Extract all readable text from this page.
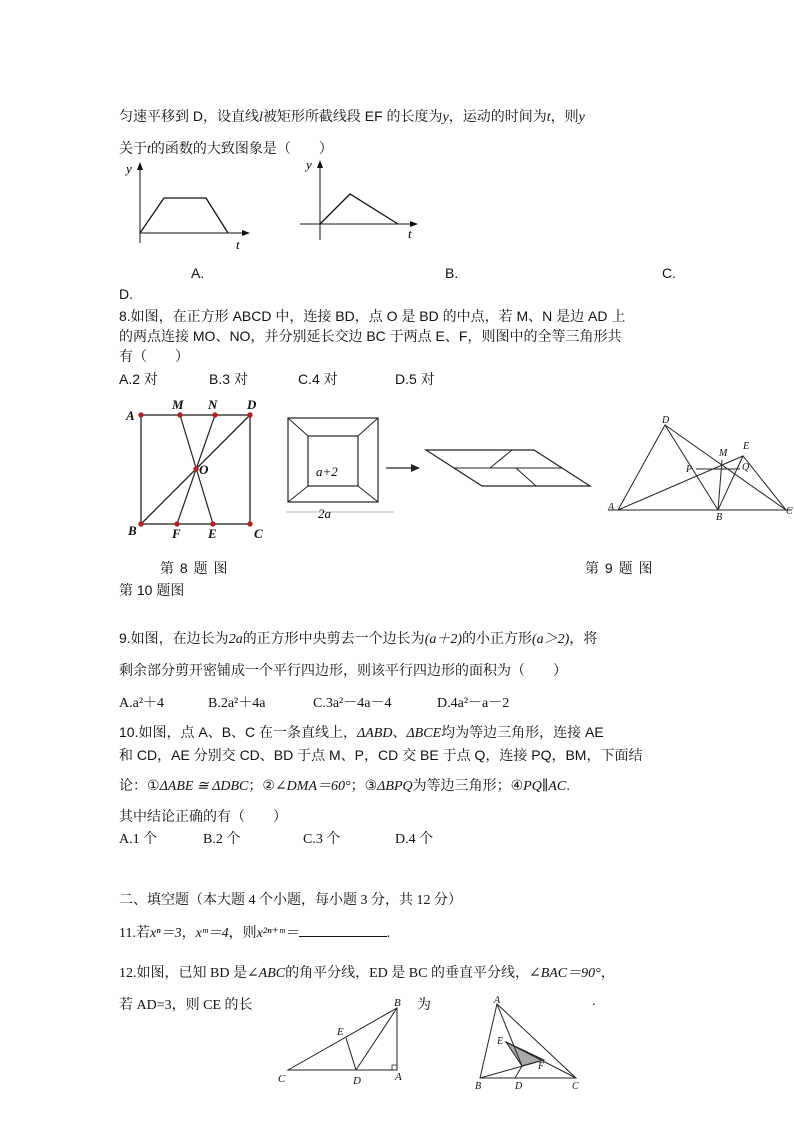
匀速平移到 D，设直线l被矩形所截线段 EF 的长度为y，运动的时间为t，则y
关于t的函数的大致图象是（　　）
y
t
y
t
A.	B.	C.
D.
8.如图，在正方形 ABCD 中，连接 BD，点 O 是 BD 的中点，若 M、N 是边 AD 上
的两点连接 MO、NO，并分别延长交边 BC 于两点 E、F，则图中的全等三角形共
有（　　）
A.2 对	B.3 对	C.4 对	D.5 对
A
M N D
O
B	F E	C
a+2
2a
D
E
M
P	Q
A
B
C
第 8 题 图	第 9 题 图
第 10 题图
9.如图，在边长为2a的正方形中央剪去一个边长为(a＋2)的小正方形(a＞2)，将
剩余部分剪开密铺成一个平行四边形，则该平行四边形的面积为（　　）
A.a²＋4	B.2a²＋4a	C.3a²－4a－4	D.4a²－a－2
10.如图，点 A、B、C 在一条直线上，ΔABD、ΔBCE均为等边三角形，连接 AE
和 CD，AE 分别交 CD、BD 于点 M、P，CD 交 BE 于点 Q，连接 PQ，BM，下面结
论：①ΔABE ≅ ΔDBC；②∠DMA＝60°；③ΔBPQ为等边三角形；④PQ∥AC.
其中结论正确的有（　　）
A.1 个	B.2 个	C.3 个	D.4 个
二、填空题（本大题 4 个小题，每小题 3 分，共 12 分）
11.若xⁿ＝3，xᵐ＝4，则x²ⁿ⁺ᵐ＝	.
12.如图，已知 BD 是∠ABC的角平分线，ED 是 BC 的垂直平分线，∠BAC＝90°，
若 AD=3，则 CE 的长	为	.
B
E
C	D	A
A
E
F
B	D	C
